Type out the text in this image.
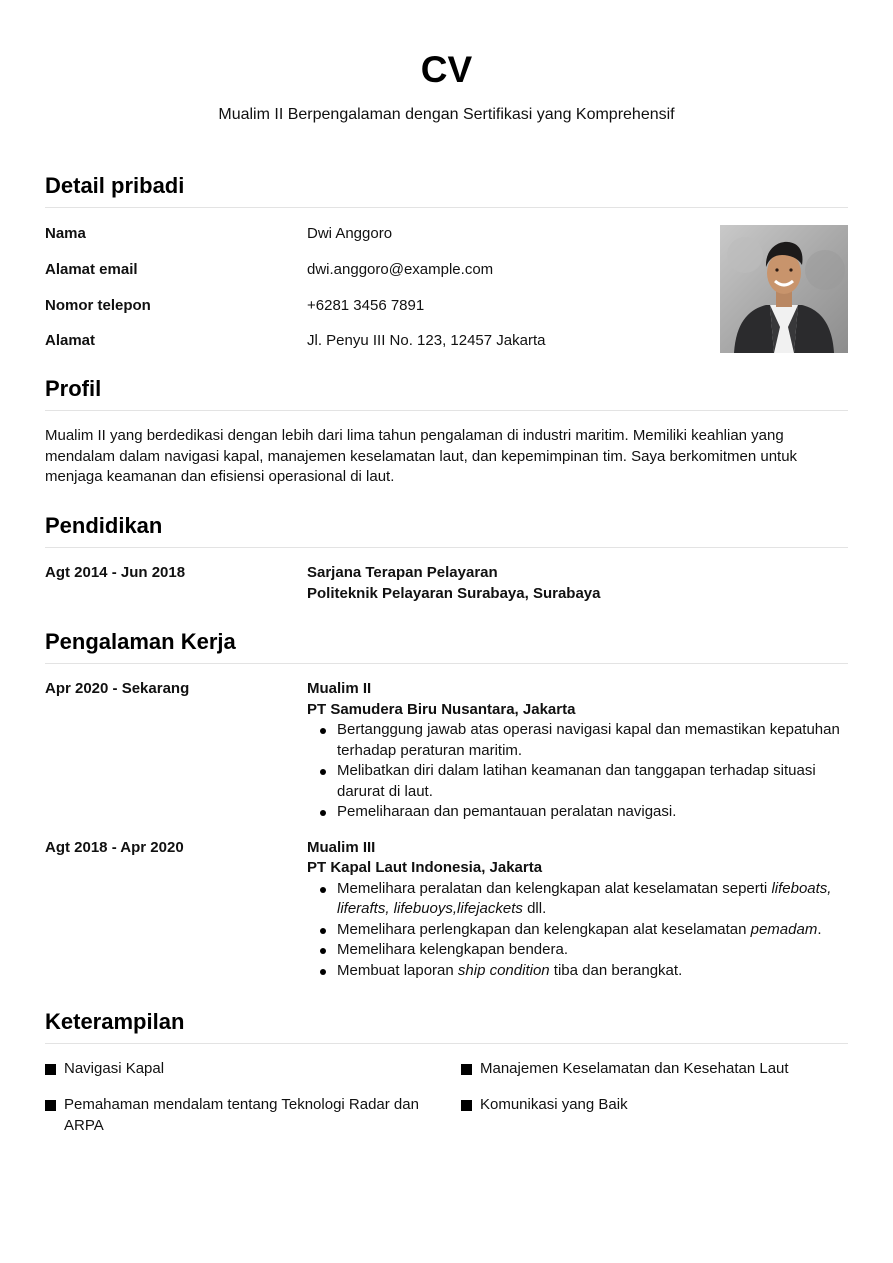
CV
Mualim II Berpengalaman dengan Sertifikasi yang Komprehensif
Detail pribadi
Nama	Dwi Anggoro
Alamat email	dwi.anggoro@example.com
Nomor telepon	+6281 3456 7891
Alamat	Jl. Penyu III No. 123, 12457 Jakarta
Profil
Mualim II yang berdedikasi dengan lebih dari lima tahun pengalaman di industri maritim. Memiliki keahlian yang mendalam dalam navigasi kapal, manajemen keselamatan laut, dan kepemimpinan tim. Saya berkomitmen untuk menjaga keamanan dan efisiensi operasional di laut.
Pendidikan
Agt 2014 - Jun 2018	Sarjana Terapan Pelayaran
Politeknik Pelayaran Surabaya, Surabaya
Pengalaman Kerja
Apr 2020 - Sekarang	Mualim II
PT Samudera Biru Nusantara, Jakarta
Bertanggung jawab atas operasi navigasi kapal dan memastikan kepatuhan terhadap peraturan maritim.
Melibatkan diri dalam latihan keamanan dan tanggapan terhadap situasi darurat di laut.
Pemeliharaan dan pemantauan peralatan navigasi.
Agt 2018 - Apr 2020	Mualim III
PT Kapal Laut Indonesia, Jakarta
Memelihara peralatan dan kelengkapan alat keselamatan seperti lifeboats, liferafts, lifebuoys,lifejackets dll.
Memelihara perlengkapan dan kelengkapan alat keselamatan pemadam.
Memelihara kelengkapan bendera.
Membuat laporan ship condition tiba dan berangkat.
Keterampilan
Navigasi Kapal	Manajemen Keselamatan dan Kesehatan Laut
Pemahaman mendalam tentang Teknologi Radar dan ARPA
Komunikasi yang Baik
